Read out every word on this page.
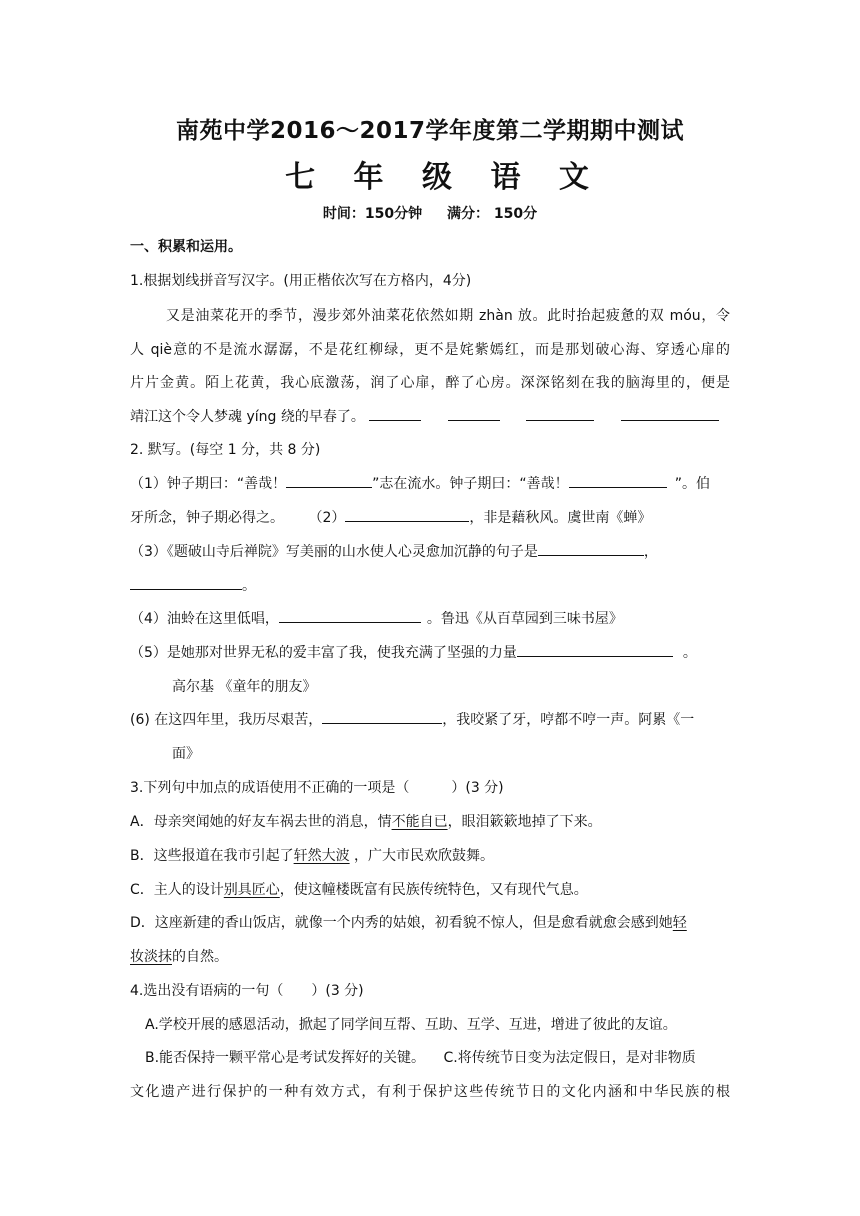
南苑中学2016～2017学年度第二学期期中测试
七 年 级 语 文
时间：150分钟 满分： 150分
一、积累和运用。
1.根据划线拼音写汉字。(用正楷依次写在方格内，4分)
又是油菜花开的季节，漫步郊外油菜花依然如期 zhàn 放。此时抬起疲惫的双 móu，令
人 qiè意的不是流水潺潺，不是花红柳绿，更不是姹紫嫣红，而是那划破心海、穿透心扉的
片片金黄。陌上花黄，我心底激荡，润了心扉，醉了心房。深深铭刻在我的脑海里的，便是
靖江这个令人梦魂 yíng 绕的早春了。
2. 默写。(每空 1 分，共 8 分)
（1）钟子期曰：“善哉！	”志在流水。钟子期曰：“善哉！	”。伯
牙所念，钟子期必得之。 （2）	，非是藉秋风。虞世南《蝉》
（3）《题破山寺后禅院》写美丽的山水使人心灵愈加沉静的句子是	，
。
（4）油蛉在这里低唱，	。鲁迅《从百草园到三味书屋》
（5）是她那对世界无私的爱丰富了我，使我充满了坚强的力量	。
高尔基 《童年的朋友》
(6) 在这四年里，我历尽艰苦，	，我咬紧了牙，哼都不哼一声。阿累《一
面》
3.下列句中加点的成语使用不正确的一项是（　　　）(3 分)
A．母亲突闻她的好友车祸去世的消息，情不能自已，眼泪簌簌地掉了下来。
B．这些报道在我市引起了轩然大波 ，广大市民欢欣鼓舞。
C．主人的设计别具匠心，使这幢楼既富有民族传统特色，又有现代气息。
D．这座新建的香山饭店，就像一个内秀的姑娘，初看貌不惊人，但是愈看就愈会感到她轻
妆淡抹的自然。
4.选出没有语病的一句（　　）(3 分)
A.学校开展的感恩活动，掀起了同学间互帮、互助、互学、互进，增进了彼此的友谊。
B.能否保持一颗平常心是考试发挥好的关键。 C.将传统节日变为法定假日，是对非物质
文化遗产进行保护的一种有效方式，有利于保护这些传统节日的文化内涵和中华民族的根
